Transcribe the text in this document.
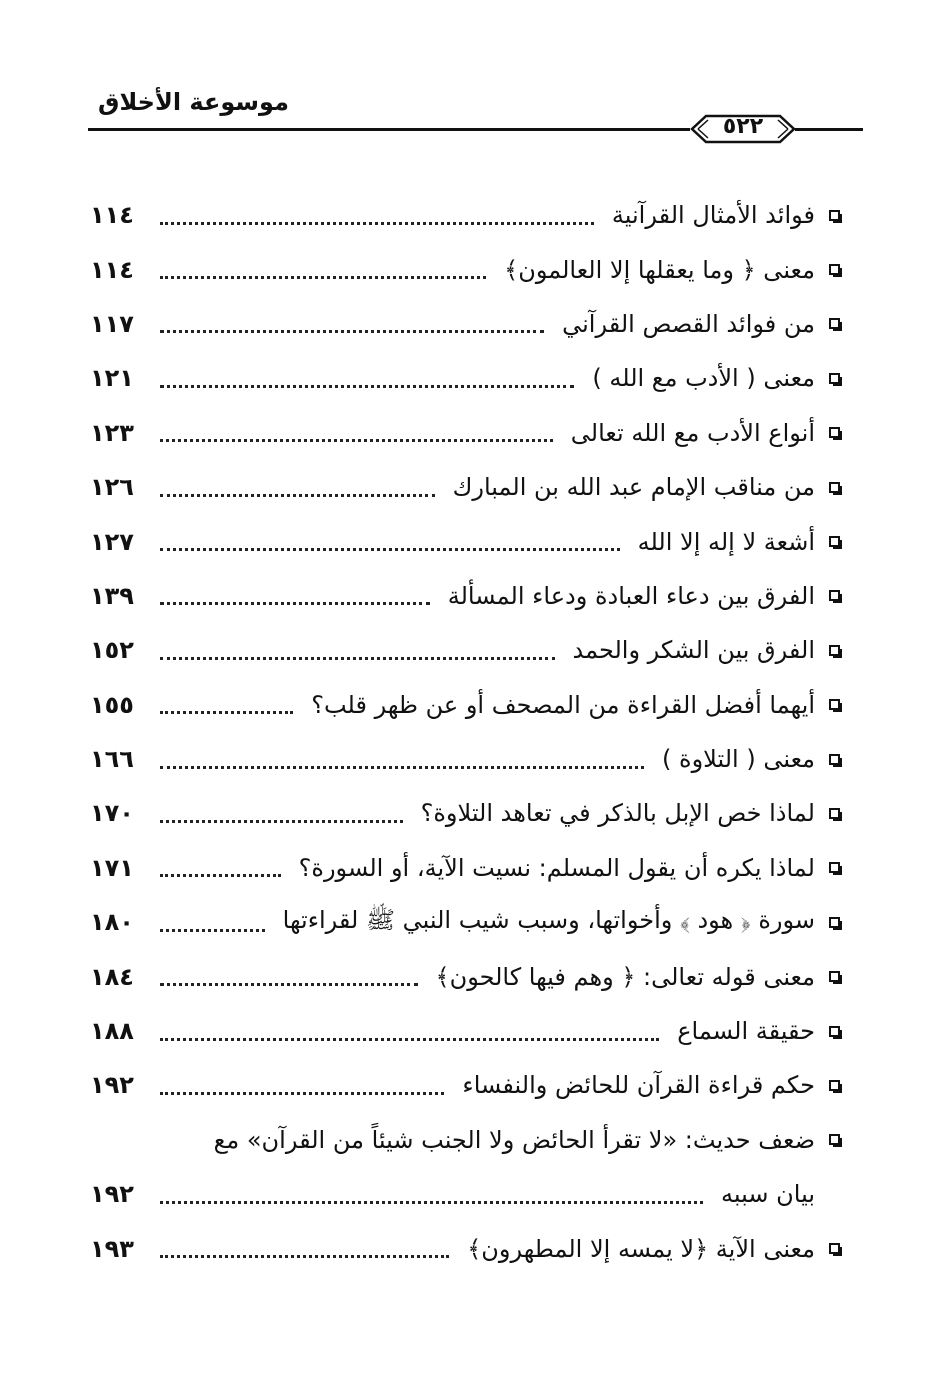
موسوعة الأخلاق
٥٢٢
فوائد الأمثال القرآنية
١١٤
معنى ﴿ وما يعقلها إلا العالمون﴾
١١٤
من فوائد القصص القرآني
١١٧
معنى ( الأدب مع الله )
١٢١
أنواع الأدب مع الله تعالى
١٢٣
من مناقب الإمام عبد الله بن المبارك
١٢٦
أشعة لا إله إلا الله
١٢٧
الفرق بين دعاء العبادة ودعاء المسألة
١٣٩
الفرق بين الشكر والحمد
١٥٢
أيهما أفضل القراءة من المصحف أو عن ظهر قلب؟
١٥٥
معنى ( التلاوة )
١٦٦
لماذا خص الإبل بالذكر في تعاهد التلاوة؟
١٧٠
لماذا يكره أن يقول المسلم: نسيت الآية، أو السورة؟
١٧١
سورة ﴿ هود ﴾ وأخواتها، وسبب شيب النبي ﷺ لقراءتها
١٨٠
معنى قوله تعالى: ﴿ وهم فيها كالحون﴾
١٨٤
حقيقة السماع
١٨٨
حكم قراءة القرآن للحائض والنفساء
١٩٢
ضعف حديث: «لا تقرأ الحائض ولا الجنب شيئاً من القرآن» مع
بيان سببه
١٩٢
معنى الآية ﴿لا يمسه إلا المطهرون﴾
١٩٣
